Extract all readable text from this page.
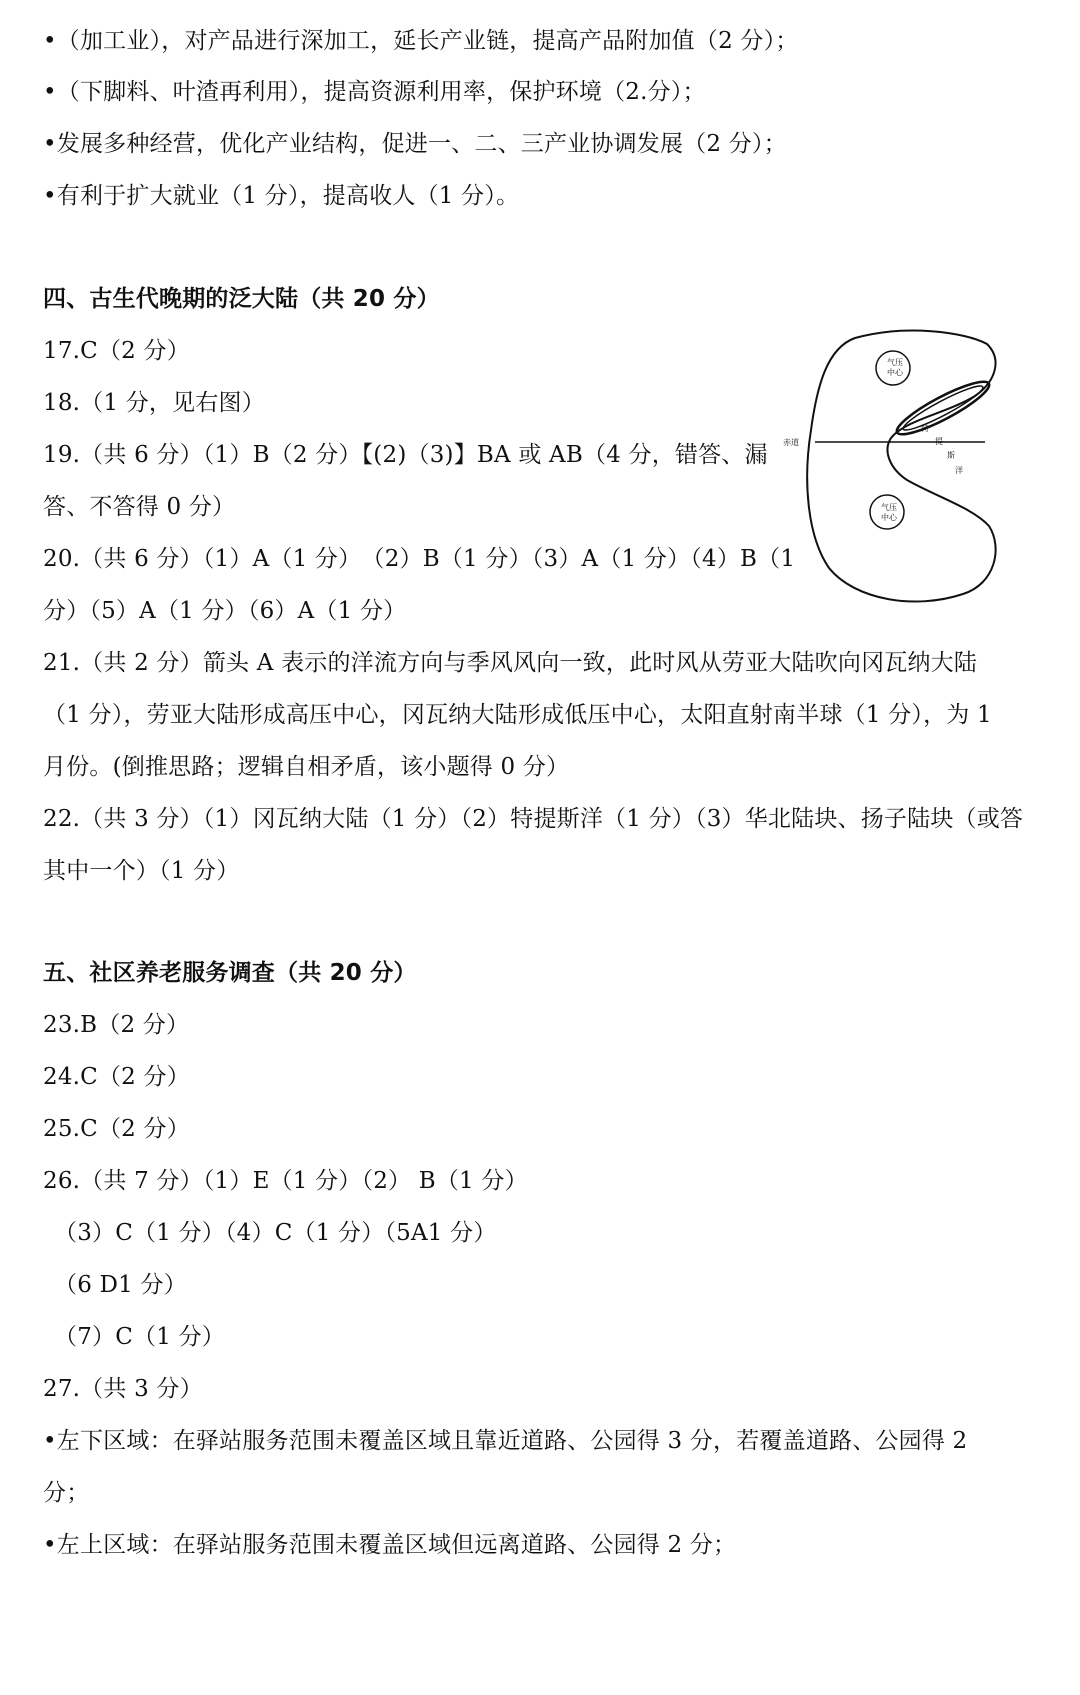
•（加工业），对产品进行深加工，延长产业链，提高产品附加值（2 分）；
•（下脚料、叶渣再利用），提高资源利用率，保护环境（2.分）；
•发展多种经营，优化产业结构，促进一、二、三产业协调发展（2 分）；
•有利于扩大就业（1 分），提高收人（1 分）。
四、古生代晚期的泛大陆（共 20 分）
17.C（2 分）
18.（1 分，见右图）
19.（共 6 分）（1）B（2 分）【(2)（3)】BA 或 AB（4 分，错答、漏
答、不答得 0 分）
20.（共 6 分）（1）A（1 分）　（2）B（1 分）（3）A（1 分）（4）B（1
分）（5）A（1 分）（6）A（1 分）
21.（共 2 分）箭头 A 表示的洋流方向与季风风向一致，此时风从劳亚大陆吹向冈瓦纳大陆
（1 分），劳亚大陆形成高压中心，冈瓦纳大陆形成低压中心，太阳直射南半球（1 分），为 1
月份。(倒推思路；逻辑自相矛盾，该小题得 0 分）
22.（共 3 分）（1）冈瓦纳大陆（1 分）（2）特提斯洋（1 分）（3）华北陆块、扬子陆块（或答
其中一个）（1 分）
五、社区养老服务调查（共 20 分）
23.B（2 分）
24.C（2 分）
25.C（2 分）
26.（共 7 分）（1）E（1 分）（2） B（1 分）
（3）C（1 分）（4）C（1 分）（5A1 分）
（6 D1 分）
（7）C（1 分）
27.（共 3 分）
•左下区域：在驿站服务范围未覆盖区域且靠近道路、公园得 3 分，若覆盖道路、公园得 2
分；
•左上区域：在驿站服务范围未覆盖区域但远离道路、公园得 2 分；
气压
中心
气压
中心
赤道
特
提
斯
洋
